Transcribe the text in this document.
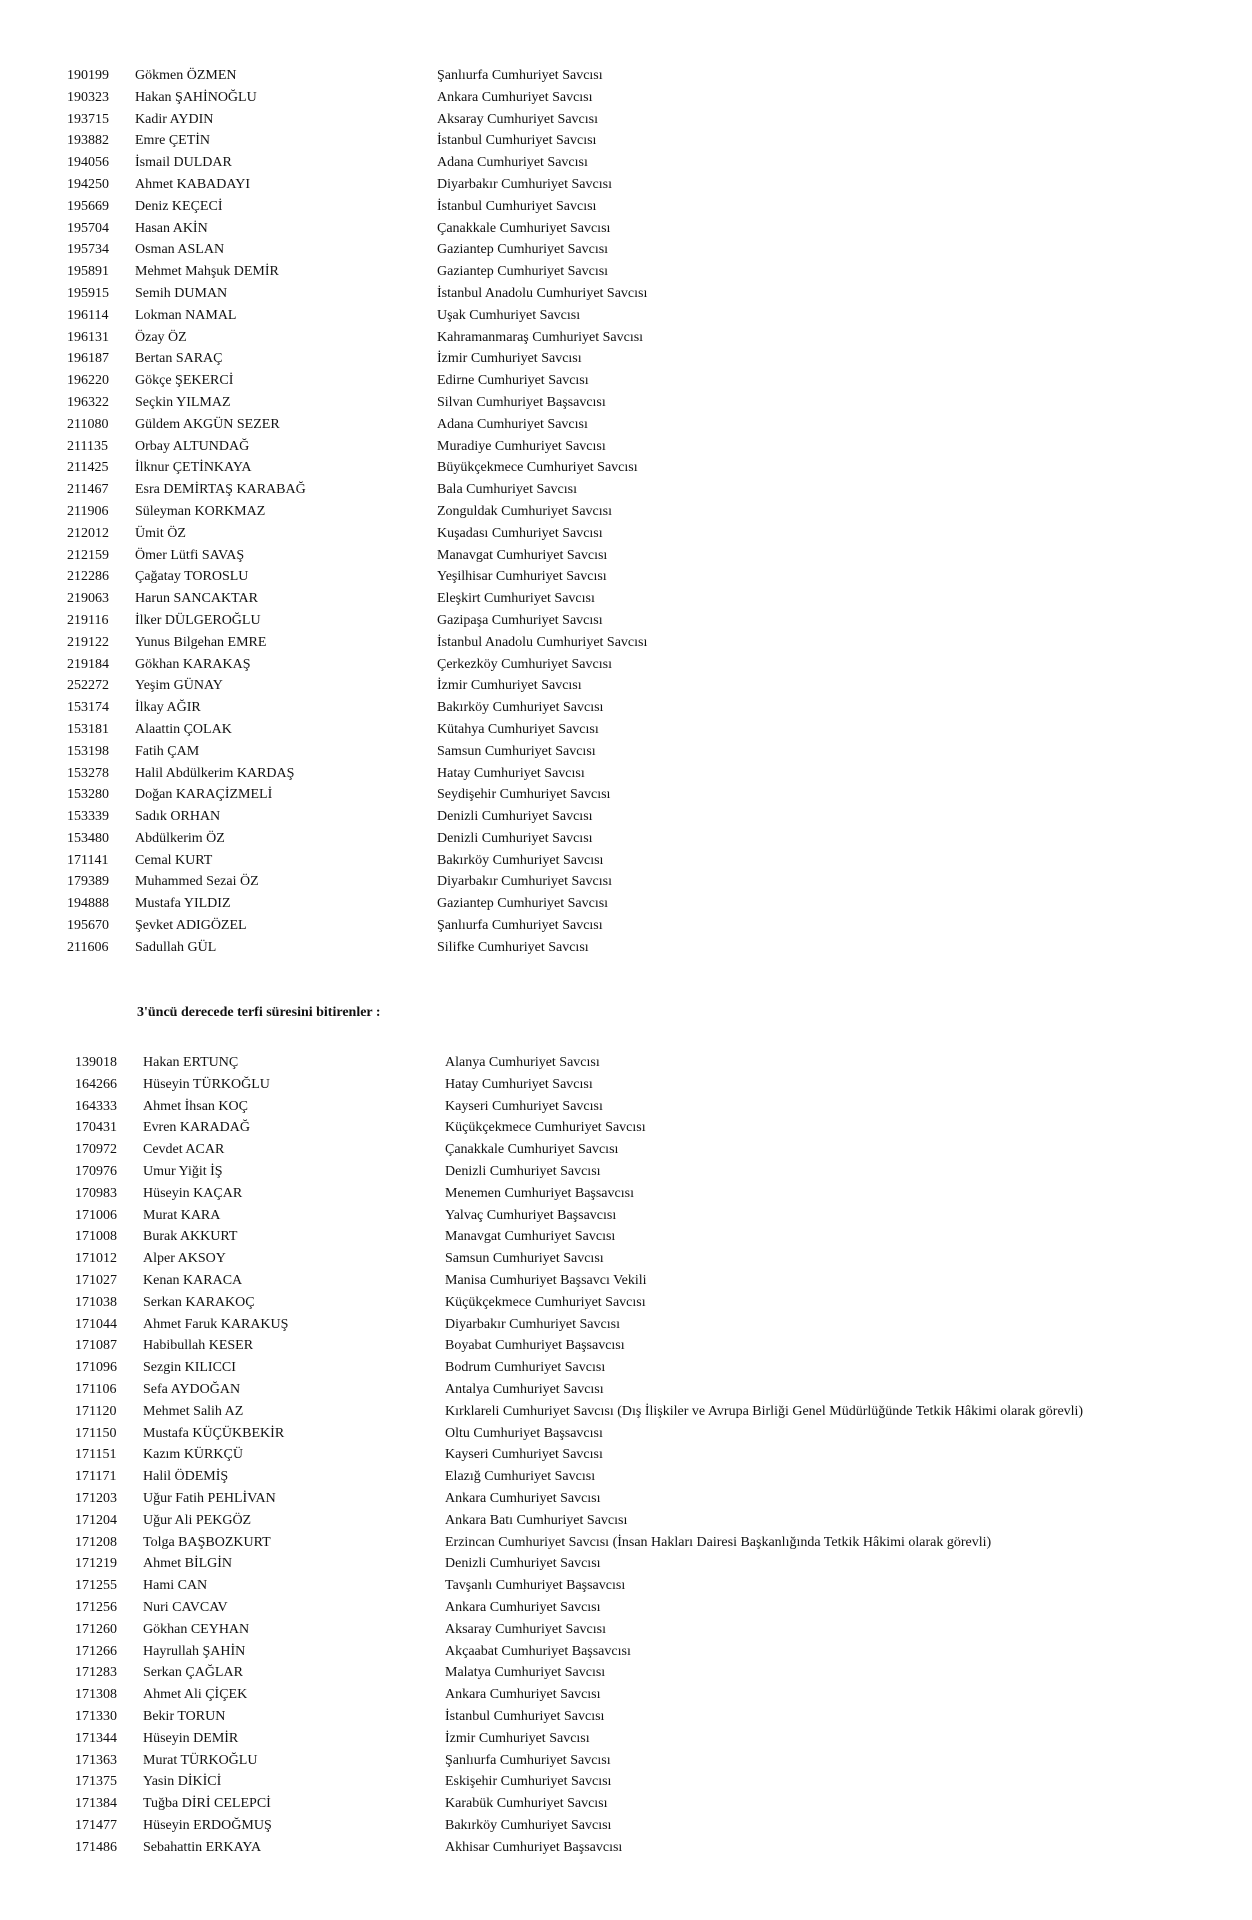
190199	Gökmen ÖZMEN	Şanlıurfa Cumhuriyet Savcısı
190323	Hakan ŞAHİNOĞLU	Ankara Cumhuriyet Savcısı
193715	Kadir AYDIN	Aksaray Cumhuriyet Savcısı
193882	Emre ÇETİN	İstanbul Cumhuriyet Savcısı
194056	İsmail DULDAR	Adana Cumhuriyet Savcısı
194250	Ahmet KABADAYI	Diyarbakır Cumhuriyet Savcısı
195669	Deniz KEÇECİ	İstanbul Cumhuriyet Savcısı
195704	Hasan AKİN	Çanakkale Cumhuriyet Savcısı
195734	Osman ASLAN	Gaziantep Cumhuriyet Savcısı
195891	Mehmet Mahşuk DEMİR	Gaziantep Cumhuriyet Savcısı
195915	Semih DUMAN	İstanbul Anadolu Cumhuriyet Savcısı
196114	Lokman NAMAL	Uşak Cumhuriyet Savcısı
196131	Özay ÖZ	Kahramanmaraş Cumhuriyet Savcısı
196187	Bertan SARAÇ	İzmir Cumhuriyet Savcısı
196220	Gökçe ŞEKERCİ	Edirne Cumhuriyet Savcısı
196322	Seçkin YILMAZ	Silvan Cumhuriyet Başsavcısı
211080	Güldem AKGÜN SEZER	Adana Cumhuriyet Savcısı
211135	Orbay ALTUNDAĞ	Muradiye Cumhuriyet Savcısı
211425	İlknur ÇETİNKAYA	Büyükçekmece Cumhuriyet Savcısı
211467	Esra DEMİRTAŞ KARABAĞ	Bala Cumhuriyet Savcısı
211906	Süleyman KORKMAZ	Zonguldak Cumhuriyet Savcısı
212012	Ümit ÖZ	Kuşadası Cumhuriyet Savcısı
212159	Ömer Lütfi SAVAŞ	Manavgat Cumhuriyet Savcısı
212286	Çağatay TOROSLU	Yeşilhisar Cumhuriyet Savcısı
219063	Harun SANCAKTAR	Eleşkirt Cumhuriyet Savcısı
219116	İlker DÜLGEROĞLU	Gazipaşa Cumhuriyet Savcısı
219122	Yunus Bilgehan EMRE	İstanbul Anadolu Cumhuriyet Savcısı
219184	Gökhan KARAKAŞ	Çerkezköy Cumhuriyet Savcısı
252272	Yeşim GÜNAY	İzmir Cumhuriyet Savcısı
153174	İlkay AĞIR	Bakırköy Cumhuriyet Savcısı
153181	Alaattin ÇOLAK	Kütahya Cumhuriyet Savcısı
153198	Fatih ÇAM	Samsun Cumhuriyet Savcısı
153278	Halil Abdülkerim KARDAŞ	Hatay Cumhuriyet Savcısı
153280	Doğan KARAÇİZMELİ	Seydişehir Cumhuriyet Savcısı
153339	Sadık ORHAN	Denizli Cumhuriyet Savcısı
153480	Abdülkerim ÖZ	Denizli Cumhuriyet Savcısı
171141	Cemal KURT	Bakırköy Cumhuriyet Savcısı
179389	Muhammed Sezai ÖZ	Diyarbakır Cumhuriyet Savcısı
194888	Mustafa YILDIZ	Gaziantep Cumhuriyet Savcısı
195670	Şevket ADIGÖZEL	Şanlıurfa Cumhuriyet Savcısı
211606	Sadullah GÜL	Silifke Cumhuriyet Savcısı
3'üncü derecede terfi süresini bitirenler :
139018	Hakan ERTUNÇ	Alanya Cumhuriyet Savcısı
164266	Hüseyin TÜRKOĞLU	Hatay Cumhuriyet Savcısı
164333	Ahmet İhsan KOÇ	Kayseri Cumhuriyet Savcısı
170431	Evren KARADAĞ	Küçükçekmece Cumhuriyet Savcısı
170972	Cevdet ACAR	Çanakkale Cumhuriyet Savcısı
170976	Umur Yiğit İŞ	Denizli Cumhuriyet Savcısı
170983	Hüseyin KAÇAR	Menemen Cumhuriyet Başsavcısı
171006	Murat KARA	Yalvaç Cumhuriyet Başsavcısı
171008	Burak AKKURT	Manavgat Cumhuriyet Savcısı
171012	Alper AKSOY	Samsun Cumhuriyet Savcısı
171027	Kenan KARACA	Manisa Cumhuriyet Başsavcı Vekili
171038	Serkan KARAKOÇ	Küçükçekmece Cumhuriyet Savcısı
171044	Ahmet Faruk KARAKUŞ	Diyarbakır Cumhuriyet Savcısı
171087	Habibullah KESER	Boyabat Cumhuriyet Başsavcısı
171096	Sezgin KILICCI	Bodrum Cumhuriyet Savcısı
171106	Sefa AYDOĞAN	Antalya Cumhuriyet Savcısı
171120	Mehmet Salih AZ	Kırklareli Cumhuriyet Savcısı (Dış İlişkiler ve Avrupa Birliği Genel Müdürlüğünde Tetkik Hâkimi olarak görevli)
171150	Mustafa KÜÇÜKBEKİR	Oltu Cumhuriyet Başsavcısı
171151	Kazım KÜRKÇÜ	Kayseri Cumhuriyet Savcısı
171171	Halil ÖDEMİŞ	Elazığ Cumhuriyet Savcısı
171203	Uğur Fatih PEHLİVAN	Ankara Cumhuriyet Savcısı
171204	Uğur Ali PEKGÖZ	Ankara Batı Cumhuriyet Savcısı
171208	Tolga BAŞBOZKURT	Erzincan Cumhuriyet Savcısı (İnsan Hakları Dairesi Başkanlığında Tetkik Hâkimi olarak görevli)
171219	Ahmet BİLGİN	Denizli Cumhuriyet Savcısı
171255	Hami CAN	Tavşanlı Cumhuriyet Başsavcısı
171256	Nuri CAVCAV	Ankara Cumhuriyet Savcısı
171260	Gökhan CEYHAN	Aksaray Cumhuriyet Savcısı
171266	Hayrullah ŞAHİN	Akçaabat Cumhuriyet Başsavcısı
171283	Serkan ÇAĞLAR	Malatya Cumhuriyet Savcısı
171308	Ahmet Ali ÇİÇEK	Ankara Cumhuriyet Savcısı
171330	Bekir TORUN	İstanbul Cumhuriyet Savcısı
171344	Hüseyin DEMİR	İzmir Cumhuriyet Savcısı
171363	Murat TÜRKOĞLU	Şanlıurfa Cumhuriyet Savcısı
171375	Yasin DİKİCİ	Eskişehir Cumhuriyet Savcısı
171384	Tuğba DİRİ CELEPCİ	Karabük Cumhuriyet Savcısı
171477	Hüseyin ERDOĞMUŞ	Bakırköy Cumhuriyet Savcısı
171486	Sebahattin ERKAYA	Akhisar Cumhuriyet Başsavcısı
